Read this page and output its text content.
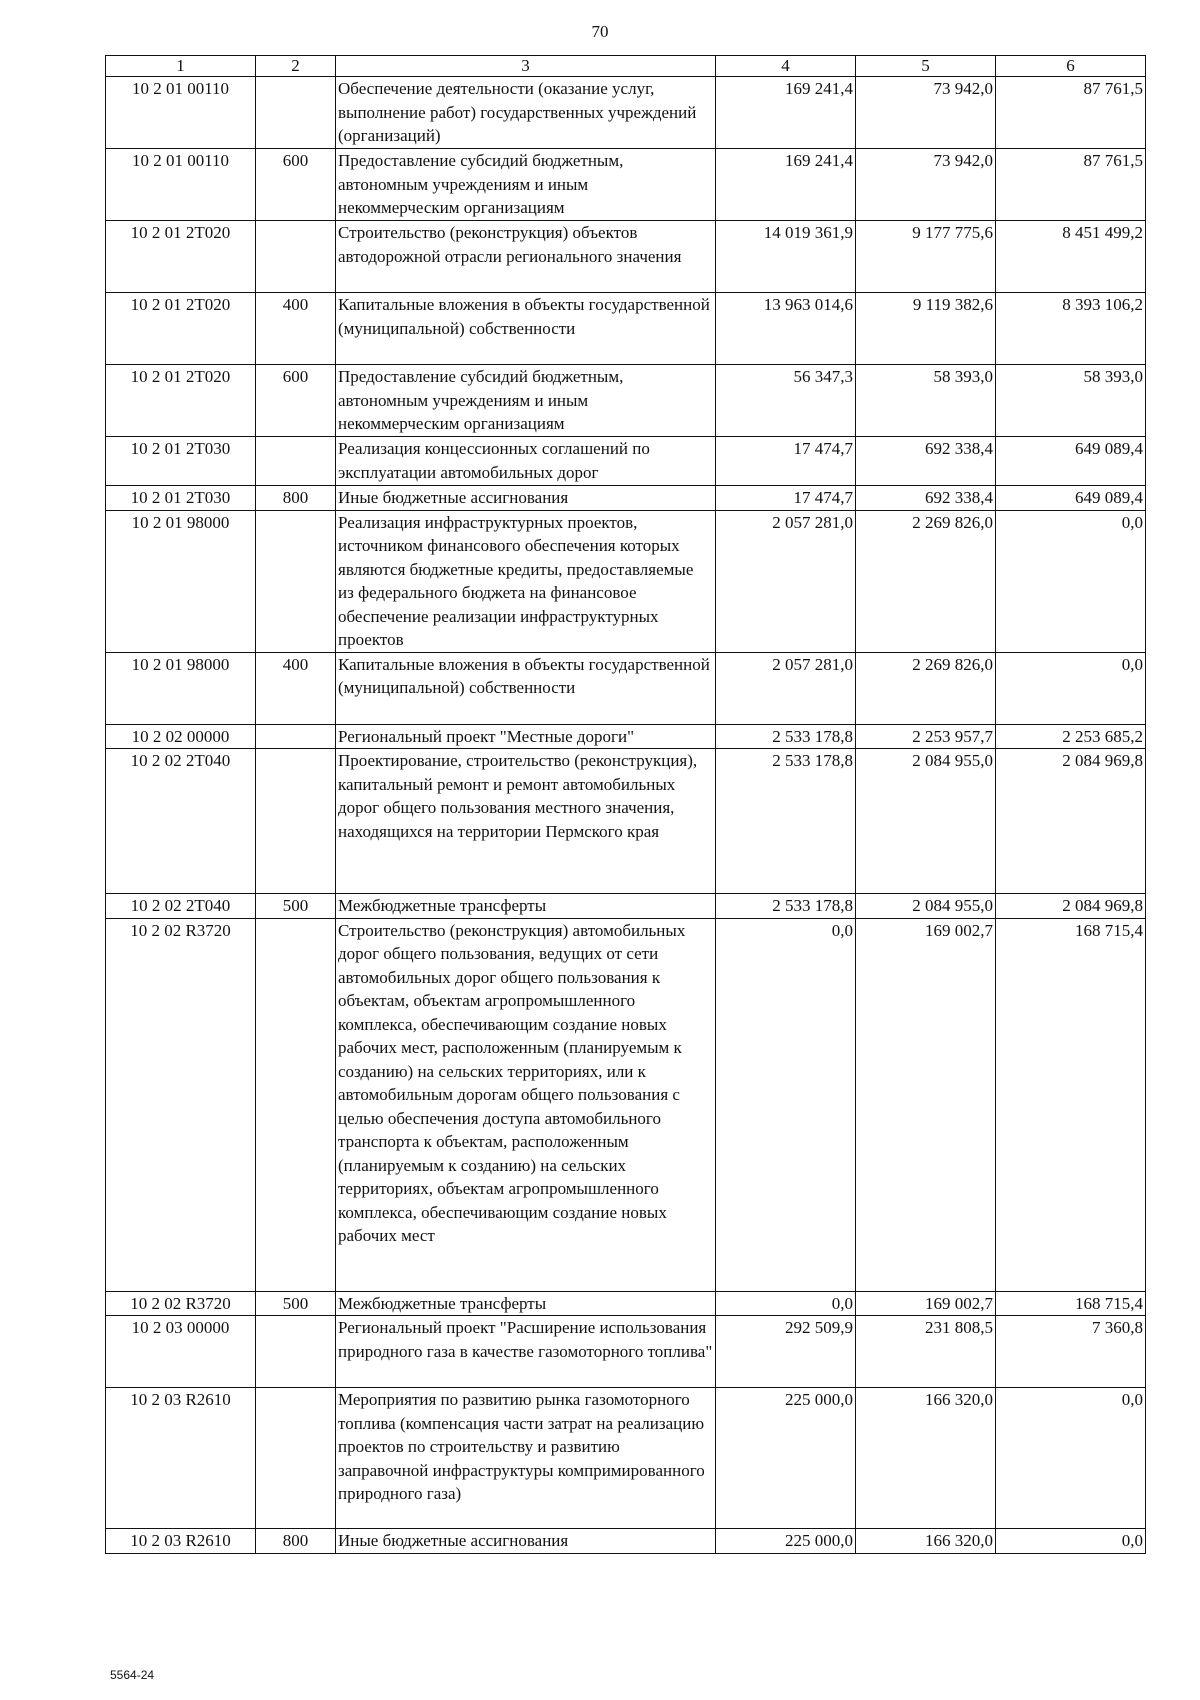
70
1	2	3	4	5	6
10 2 01 00110		Обеспечение деятельности (оказание услуг, выполнение работ) государственных учреждений (организаций)	169 241,4	73 942,0	87 761,5
10 2 01 00110	600	Предоставление субсидий бюджетным, автономным учреждениям и иным некоммерческим организациям	169 241,4	73 942,0	87 761,5
10 2 01 2Т020		Строительство (реконструкция) объектов автодорожной отрасли регионального значения	14 019 361,9	9 177 775,6	8 451 499,2
10 2 01 2Т020	400	Капитальные вложения в объекты государственной (муниципальной) собственности	13 963 014,6	9 119 382,6	8 393 106,2
10 2 01 2Т020	600	Предоставление субсидий бюджетным, автономным учреждениям и иным некоммерческим организациям	56 347,3	58 393,0	58 393,0
10 2 01 2Т030		Реализация концессионных соглашений по эксплуатации автомобильных дорог	17 474,7	692 338,4	649 089,4
10 2 01 2Т030	800	Иные бюджетные ассигнования	17 474,7	692 338,4	649 089,4
10 2 01 98000		Реализация инфраструктурных проектов, источником финансового обеспечения которых являются бюджетные кредиты, предоставляемые из федерального бюджета на финансовое обеспечение реализации инфраструктурных проектов	2 057 281,0	2 269 826,0	0,0
10 2 01 98000	400	Капитальные вложения в объекты государственной (муниципальной) собственности	2 057 281,0	2 269 826,0	0,0
10 2 02 00000		Региональный проект "Местные дороги"	2 533 178,8	2 253 957,7	2 253 685,2
10 2 02 2Т040		Проектирование, строительство (реконструкция), капитальный ремонт и ремонт автомобильных дорог общего пользования местного значения, находящихся на территории Пермского края	2 533 178,8	2 084 955,0	2 084 969,8
10 2 02 2Т040	500	Межбюджетные трансферты	2 533 178,8	2 084 955,0	2 084 969,8
10 2 02 R3720		Строительство (реконструкция) автомобильных дорог общего пользования, ведущих от сети автомобильных дорог общего пользования к объектам, объектам агропромышленного комплекса, обеспечивающим создание новых рабочих мест, расположенным (планируемым к созданию) на сельских территориях, или к автомобильным дорогам общего пользования с целью обеспечения доступа автомобильного транспорта к объектам, расположенным (планируемым к созданию) на сельских территориях, объектам агропромышленного комплекса, обеспечивающим создание новых рабочих мест	0,0	169 002,7	168 715,4
10 2 02 R3720	500	Межбюджетные трансферты	0,0	169 002,7	168 715,4
10 2 03 00000		Региональный проект "Расширение использования природного газа в качестве газомоторного топлива"	292 509,9	231 808,5	7 360,8
10 2 03 R2610		Мероприятия по развитию рынка газомоторного топлива (компенсация части затрат на реализацию проектов по строительству и развитию заправочной инфраструктуры компримированного природного газа)	225 000,0	166 320,0	0,0
10 2 03 R2610	800	Иные бюджетные ассигнования	225 000,0	166 320,0	0,0
5564-24
